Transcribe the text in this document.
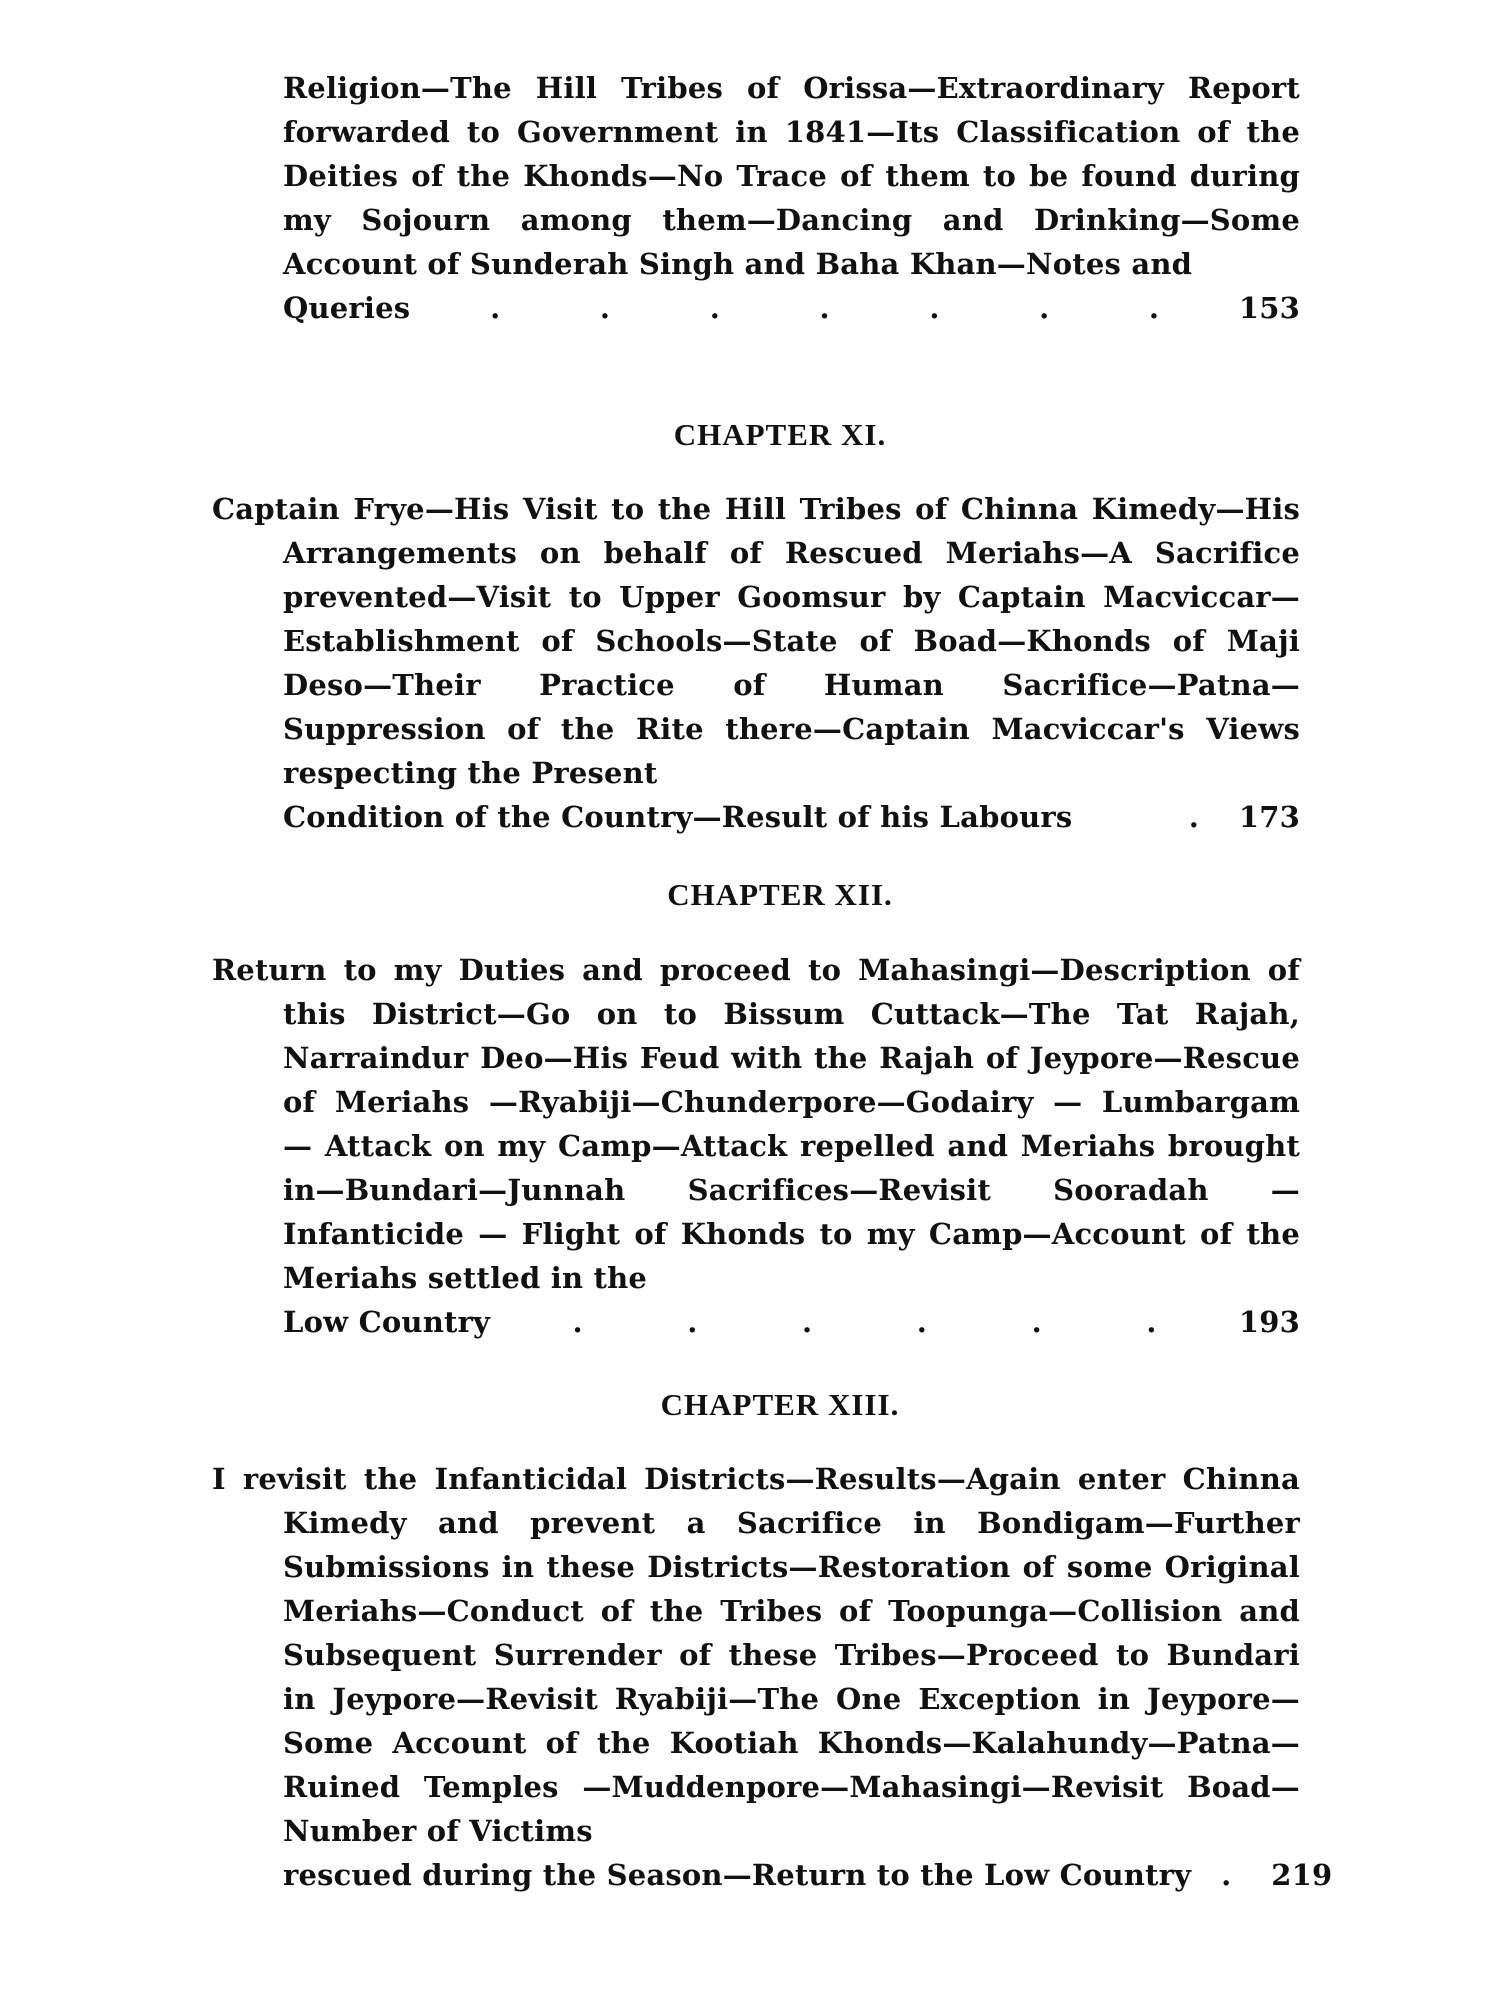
Religion—The Hill Tribes of Orissa—Extraordinary Report forwarded to Government in 1841—Its Classification of the Deities of the Khonds—No Trace of them to be found during my Sojourn among them—Dancing and Drinking—Some Account of Sunderah Singh and Baha Khan—Notes and
Queries	.	.	.	.	.	.	.	153
CHAPTER XI.
Captain Frye—His Visit to the Hill Tribes of Chinna Kimedy—His Arrangements on behalf of Rescued Meriahs—A Sacrifice prevented—Visit to Upper Goomsur by Captain Macviccar—Establishment of Schools—State of Boad—Khonds of Maji Deso—Their Practice of Human Sacrifice—Patna—Suppression of the Rite there—Captain Macviccar's Views respecting the Present
Condition of the Country—Result of his Labours	. 173
CHAPTER XII.
Return to my Duties and proceed to Mahasingi—Description of this District—Go on to Bissum Cuttack—The Tat Rajah, Narraindur Deo—His Feud with the Rajah of Jeypore—Rescue of Meriahs —Ryabiji—Chunderpore—Godairy — Lumbargam — Attack on my Camp—Attack repelled and Meriahs brought in—Bundari—Junnah Sacrifices—Revisit Sooradah — Infanticide — Flight of Khonds to my Camp—Account of the Meriahs settled in the
Low Country	.	.	.	.	.	.	193
CHAPTER XIII.
I revisit the Infanticidal Districts—Results—Again enter Chinna Kimedy and prevent a Sacrifice in Bondigam—Further Submissions in these Districts—Restoration of some Original Meriahs—Conduct of the Tribes of Toopunga—Collision and Subsequent Surrender of these Tribes—Proceed to Bundari in Jeypore—Revisit Ryabiji—The One Exception in Jeypore—Some Account of the Kootiah Khonds—Kalahundy—Patna—Ruined Temples —Muddenpore—Mahasingi—Revisit Boad—Number of Victims
rescued during the Season—Return to the Low Country . 219
